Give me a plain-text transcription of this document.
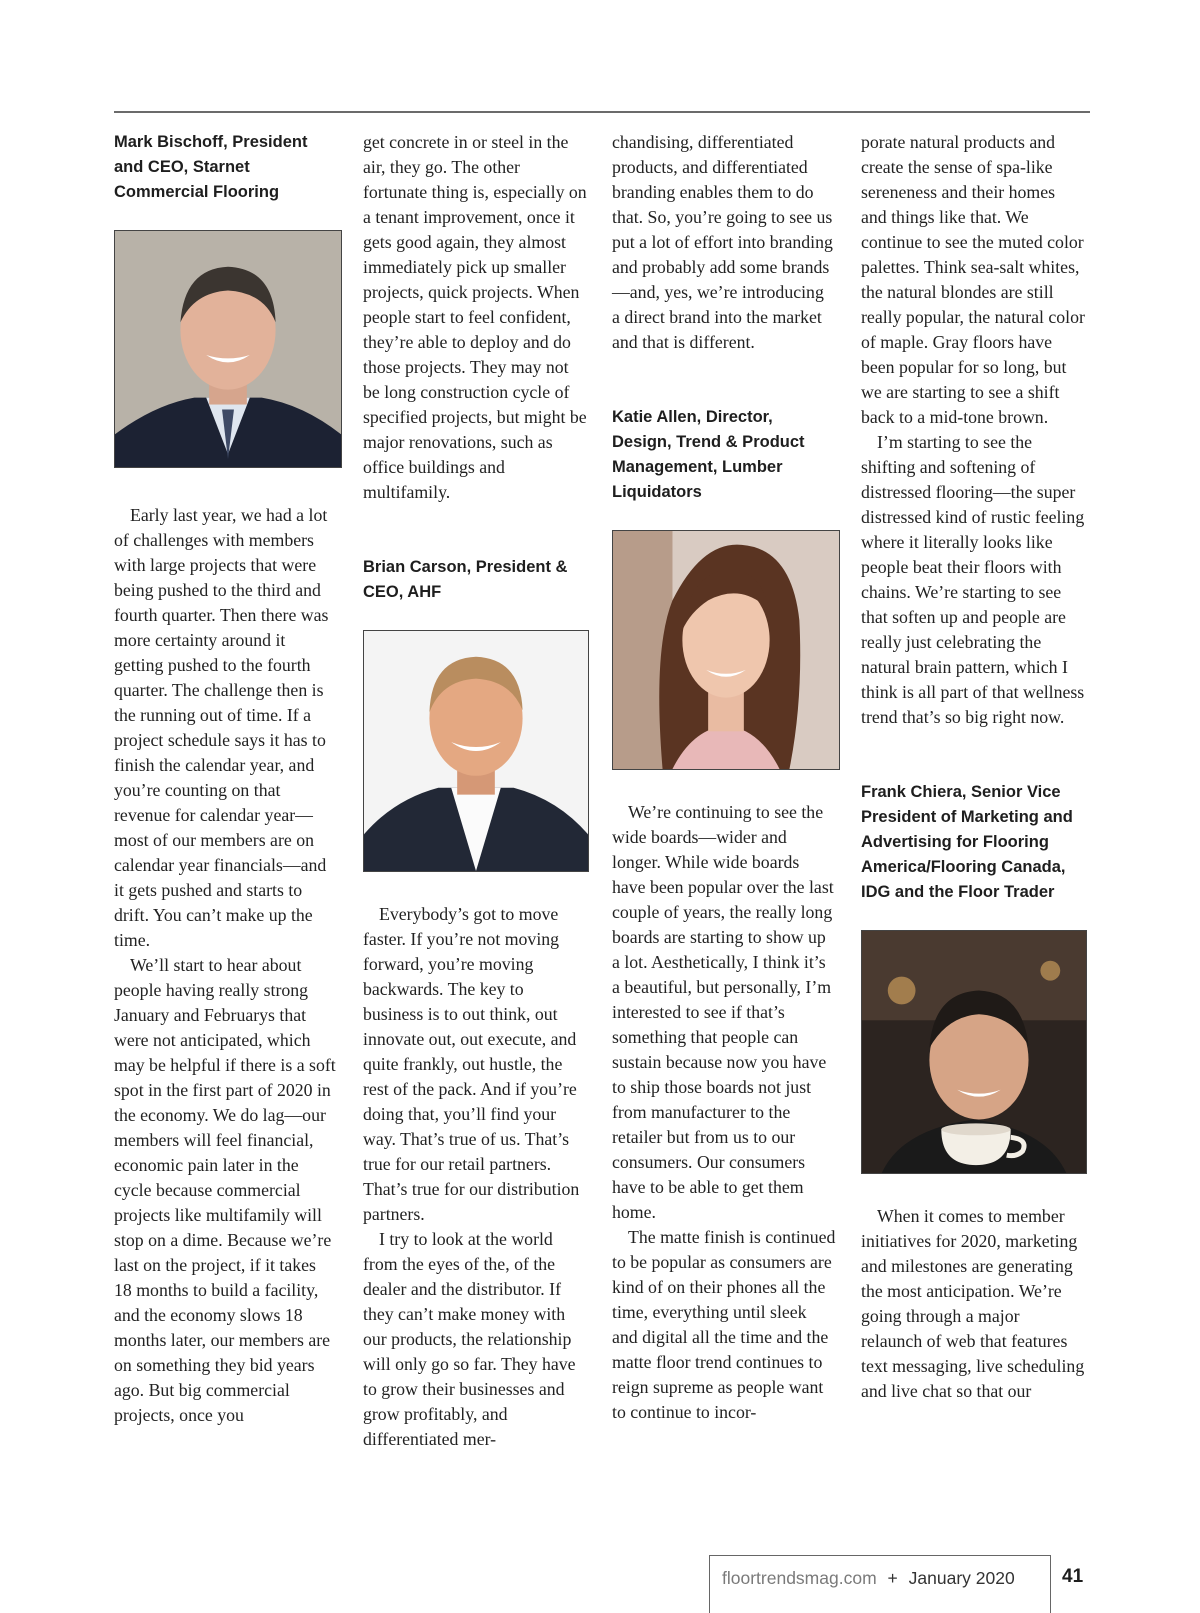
Mark Bischoff, President and CEO, Starnet Commercial Flooring

Early last year, we had a lot of challenges with members with large projects that were being pushed to the third and fourth quarter. Then there was more certainty around it getting pushed to the fourth quarter. The challenge then is the running out of time. If a project schedule says it has to finish the calendar year, and you’re counting on that revenue for calendar year—most of our members are on calendar year financials—and it gets pushed and starts to drift. You can’t make up the time.

We’ll start to hear about people having really strong January and Februarys that were not anticipated, which may be helpful if there is a soft spot in the first part of 2020 in the economy. We do lag—our members will feel financial, economic pain later in the cycle because commercial projects like multifamily will stop on a dime. Because we’re last on the project, if it takes 18 months to build a facility, and the economy slows 18 months later, our members are on something they bid years ago. But big commercial projects, once you

get concrete in or steel in the air, they go. The other fortunate thing is, especially on a tenant improvement, once it gets good again, they almost immediately pick up smaller projects, quick projects. When people start to feel confident, they’re able to deploy and do those projects. They may not be long construction cycle of specified projects, but might be major renovations, such as office buildings and multifamily.

Brian Carson, President & CEO, AHF

Everybody’s got to move faster. If you’re not moving forward, you’re moving backwards. The key to business is to out think, out innovate out, out execute, and quite frankly, out hustle, the rest of the pack. And if you’re doing that, you’ll find your way. That’s true of us. That’s true for our retail partners. That’s true for our distribution partners.

I try to look at the world from the eyes of the, of the dealer and the distributor. If they can’t make money with our products, the relationship will only go so far. They have to grow their businesses and grow profitably, and differentiated mer-

chandising, differentiated products, and differentiated branding enables them to do that. So, you’re going to see us put a lot of effort into branding and probably add some brands—and, yes, we’re introducing a direct brand into the market and that is different.

Katie Allen, Director, Design, Trend & Product Management, Lumber Liquidators

We’re continuing to see the wide boards—wider and longer. While wide boards have been popular over the last couple of years, the really long boards are starting to show up a lot. Aesthetically, I think it’s a beautiful, but personally, I’m interested to see if that’s something that people can sustain because now you have to ship those boards not just from manufacturer to the retailer but from us to our consumers. Our consumers have to be able to get them home.

The matte finish is continued to be popular as consumers are kind of on their phones all the time, everything until sleek and digital all the time and the matte floor trend continues to reign supreme as people want to continue to incor-

porate natural products and create the sense of spa-like sereneness and their homes and things like that. We continue to see the muted color palettes. Think sea-salt whites, the natural blondes are still really popular, the natural color of maple. Gray floors have been popular for so long, but we are starting to see a shift back to a mid-tone brown.

I’m starting to see the shifting and softening of distressed flooring—the super distressed kind of rustic feeling where it literally looks like people beat their floors with chains. We’re starting to see that soften up and people are really just celebrating the natural brain pattern, which I think is all part of that wellness trend that’s so big right now.

Frank Chiera, Senior Vice President of Marketing and Advertising for Flooring America/Flooring Canada, IDG and the Floor Trader

When it comes to member initiatives for 2020, marketing and milestones are generating the most anticipation. We’re going through a major relaunch of web that features text messaging, live scheduling and live chat so that our

floortrendsmag.com + January 2020 41
